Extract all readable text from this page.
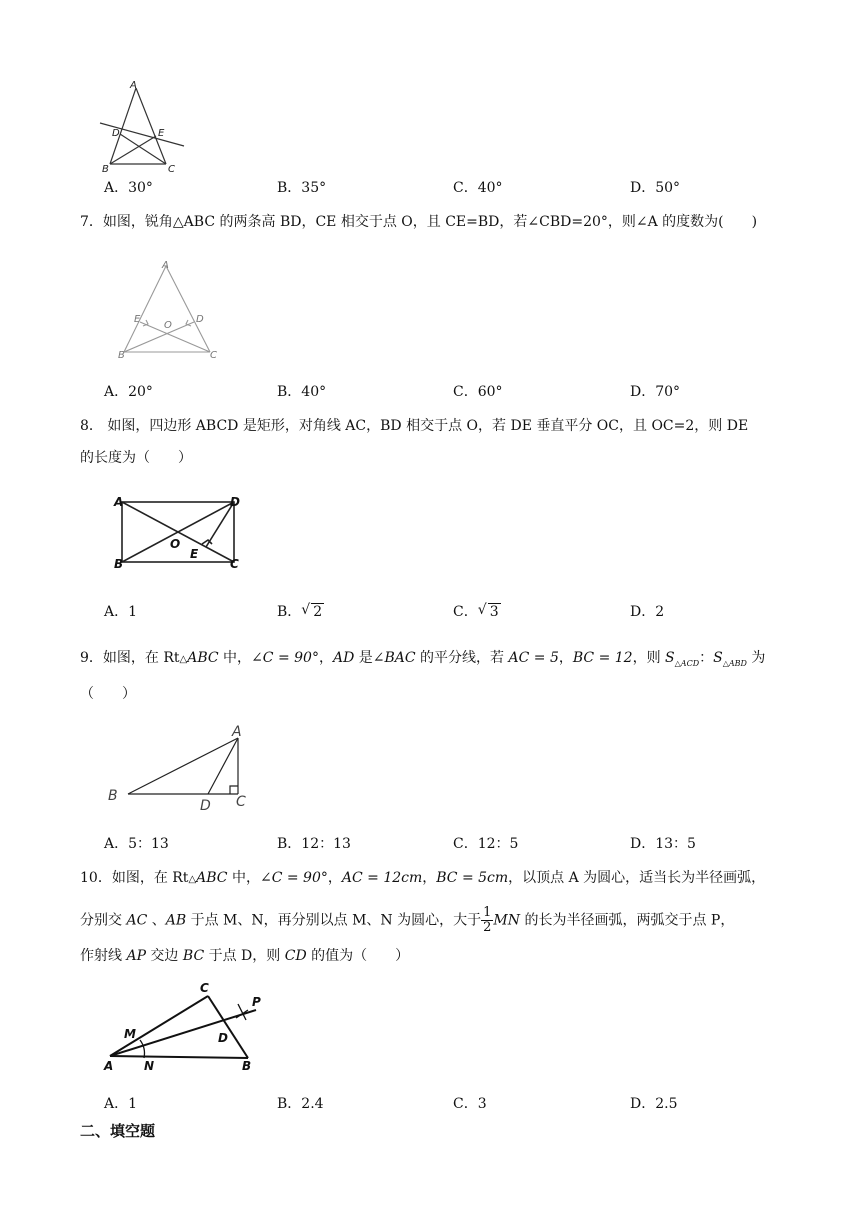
A
D	E
B	C
A．30°	B．35°	C．40°	D．50°
7．如图，锐角△ABC 的两条高 BD，CE 相交于点 O，且 CE=BD，若∠CBD=20°，则∠A 的度数为(　　)
A
E
O
D
B	C
A．20°	B．40°	C．60°	D．70°
8． 如图，四边形 ABCD 是矩形，对角线 AC，BD 相交于点 O，若 DE 垂直平分 OC，且 OC=2，则 DE
的长度为（　　）
A	D
O
E
B	C
A．1	B． √ 2	C． √ 3	D．2
9．如图，在 Rt△ABC 中，∠C = 90°，AD 是∠BAC 的平分线，若 AC = 5，BC = 12，则 $S_{\triangle ACD}$：$S_{\triangle ABD}$ 为
（　　）
A
B
D C
A．5：13	B．12：13	C．12：5	D．13：5
10．如图，在 Rt△ABC 中，∠C = 90°，AC = 12cm，BC = 5cm，以顶点 A 为圆心，适当长为半径画弧，
分别交 AC 、AB 于点 M、N，再分别以点 M、N 为圆心，大于 $\frac{1}{2}$ MN 的长为半径画弧，两弧交于点 P，
作射线 AP 交边 BC 于点 D，则 CD 的值为（　　）
C
P
M	D
A	N	B
A．1	B．2.4	C．3	D．2.5
二、填空题
